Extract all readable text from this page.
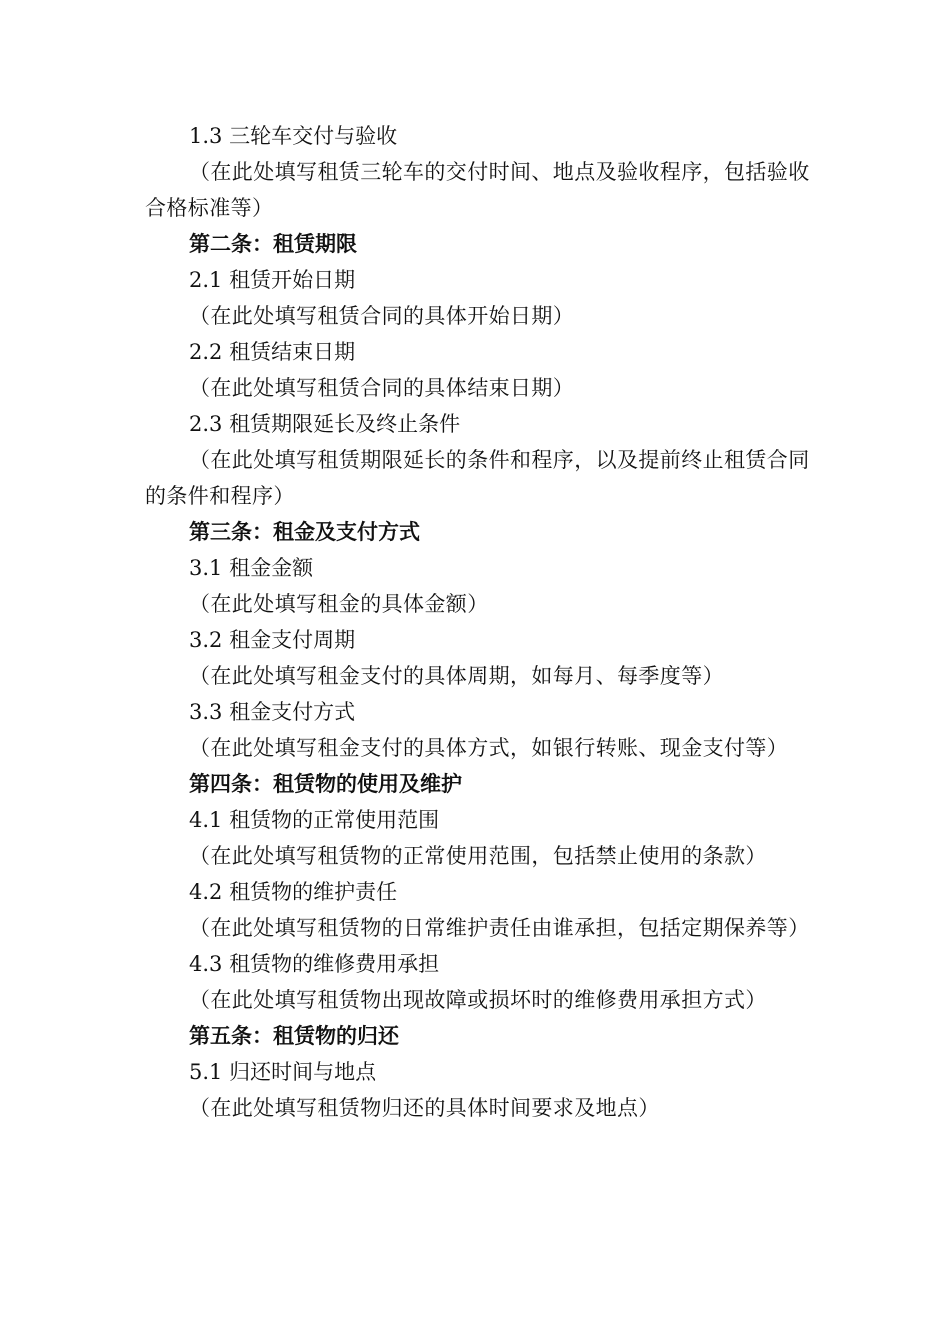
1.3 三轮车交付与验收
（在此处填写租赁三轮车的交付时间、地点及验收程序，包括验收合格标准等）
第二条：租赁期限
2.1 租赁开始日期
（在此处填写租赁合同的具体开始日期）
2.2 租赁结束日期
（在此处填写租赁合同的具体结束日期）
2.3 租赁期限延长及终止条件
（在此处填写租赁期限延长的条件和程序，以及提前终止租赁合同的条件和程序）
第三条：租金及支付方式
3.1 租金金额
（在此处填写租金的具体金额）
3.2 租金支付周期
（在此处填写租金支付的具体周期，如每月、每季度等）
3.3 租金支付方式
（在此处填写租金支付的具体方式，如银行转账、现金支付等）
第四条：租赁物的使用及维护
4.1 租赁物的正常使用范围
（在此处填写租赁物的正常使用范围，包括禁止使用的条款）
4.2 租赁物的维护责任
（在此处填写租赁物的日常维护责任由谁承担，包括定期保养等）
4.3 租赁物的维修费用承担
（在此处填写租赁物出现故障或损坏时的维修费用承担方式）
第五条：租赁物的归还
5.1 归还时间与地点
（在此处填写租赁物归还的具体时间要求及地点）
